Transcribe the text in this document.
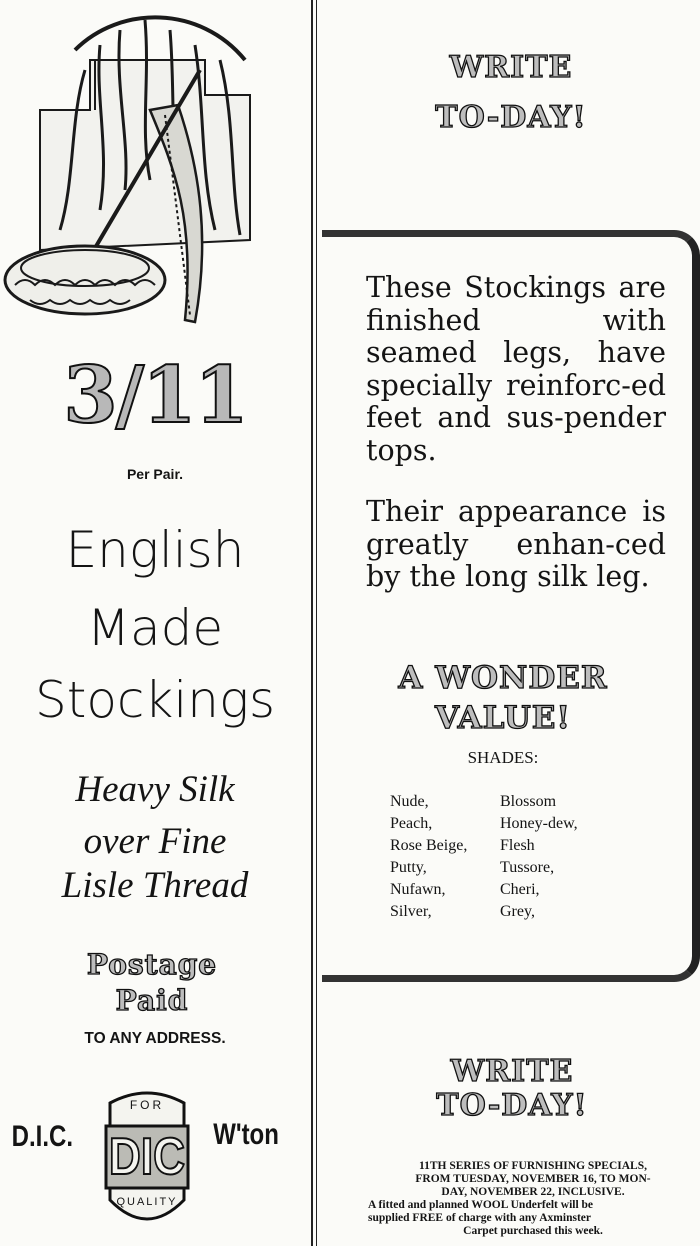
3/11
Per Pair.
English
Made
Stockings
Heavy Silk
over Fine
Lisle Thread
Postage
Paid
TO ANY ADDRESS.
D.I.C.	W'ton
FOR
DIC
QUALITY
WRITE
TO-DAY!
These Stockings are finished with seamed legs, have specially reinforc-ed feet and sus-pender tops.
Their appearance is greatly enhan-ced by the long silk leg.
A WONDER
VALUE!
SHADES:
Nude,	Blossom
Peach,	Honey-dew,
Rose Beige,	Flesh
Putty,	Tussore,
Nufawn,	Cheri,
Silver,	Grey,
WRITE
TO-DAY!
11TH SERIES OF FURNISHING SPECIALS,
FROM TUESDAY, NOVEMBER 16, TO MON-
DAY, NOVEMBER 22, INCLUSIVE.
A fitted and planned WOOL Underfelt will be
supplied FREE of charge with any Axminster
Carpet purchased this week.
